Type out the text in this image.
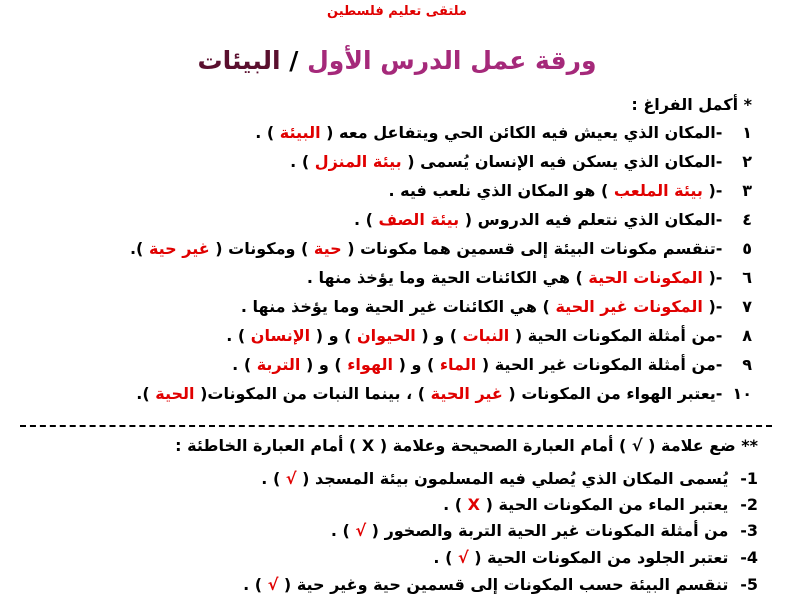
ملتقى تعليم فلسطين
ورقة عمل الدرس الأول / البيئات
* أكمل الفراغ :
١ -المكان الذي يعيش فيه الكائن الحي ويتفاعل معه ( البيئة ) .
٢ -المكان الذي يسكن فيه الإنسان يُسمى ( بيئة المنزل ) .
٣ -( بيئة الملعب ) هو المكان الذي نلعب فيه .
٤ -المكان الذي نتعلم فيه الدروس ( بيئة الصف ) .
٥ -تنقسم مكونات البيئة إلى قسمين هما مكونات ( حية ) ومكونات ( غير حية ).
٦ -( المكونات الحية ) هي الكائنات الحية وما يؤخذ منها .
٧ -( المكونات غير الحية ) هي الكائنات غير الحية وما يؤخذ منها .
٨ -من أمثلة المكونات الحية ( النبات ) و ( الحيوان ) و ( الإنسان ) .
٩ -من أمثلة المكونات غير الحية ( الماء ) و ( الهواء ) و ( التربة ) .
١٠ -يعتبر الهواء من المكونات ( غير الحية ) ، بينما النبات من المكونات( الحية ).
** ضع علامة ( √ ) أمام العبارة الصحيحة وعلامة ( X ) أمام العبارة الخاطئة :
1- يُسمى المكان الذي يُصلي فيه المسلمون بيئة المسجد ( √ ) .
2- يعتبر الماء من المكونات الحية ( X ) .
3- من أمثلة المكونات غير الحية التربة والصخور ( √ ) .
4- تعتبر الجلود من المكونات الحية ( √ ) .
5- تنقسم البيئة حسب المكونات إلى قسمين حية وغير حية ( √ ) .
